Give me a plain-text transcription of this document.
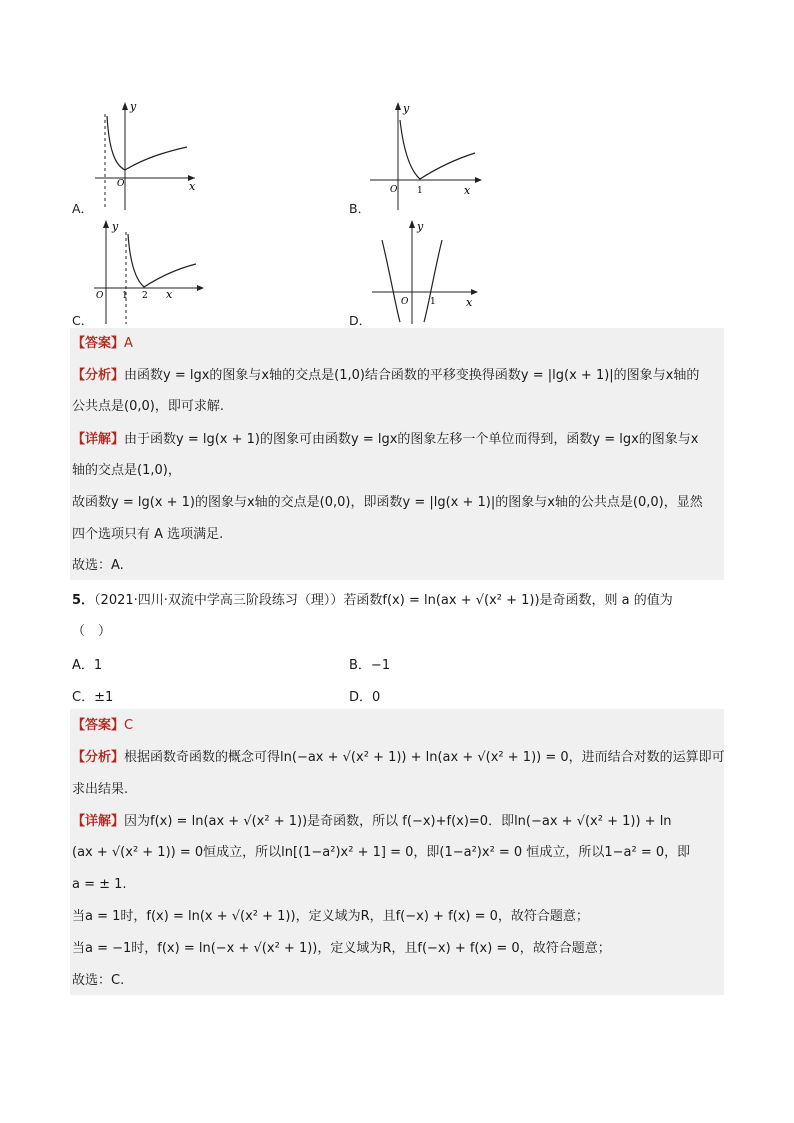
y
x
O
A．
y
x
O 1
B．
y
x
O 1 2
C．
y
x
O 1
D．
【答案】A
【分析】由函数y = lgx的图象与x轴的交点是(1,0)结合函数的平移变换得函数y = |lg(x + 1)|的图象与x轴的
公共点是(0,0)，即可求解.
【详解】由于函数y = lg(x + 1)的图象可由函数y = lgx的图象左移一个单位而得到，函数y = lgx的图象与x
轴的交点是(1,0)，
故函数y = lg(x + 1)的图象与x轴的交点是(0,0)，即函数y = |lg(x + 1)|的图象与x轴的公共点是(0,0)，显然
四个选项只有 A 选项满足.
故选：A.
5．（2021·四川·双流中学高三阶段练习（理））若函数f(x) = ln(ax + √(x² + 1))是奇函数，则 a 的值为
（　）
A．1	B．−1
C．±1	D．0
【答案】C
【分析】根据函数奇函数的概念可得ln(−ax + √(x² + 1)) + ln(ax + √(x² + 1)) = 0，进而结合对数的运算即可
求出结果.
【详解】因为f(x) = ln(ax + √(x² + 1))是奇函数，所以 f(−x)+f(x)=0．即ln(−ax + √(x² + 1)) + ln
(ax + √(x² + 1)) = 0恒成立，所以ln[(1−a²)x² + 1] = 0，即(1−a²)x² = 0 恒成立，所以1−a² = 0，即
a = ± 1.
当a = 1时，f(x) = ln(x + √(x² + 1))，定义域为R，且f(−x) + f(x) = 0，故符合题意；
当a = −1时，f(x) = ln(−x + √(x² + 1))，定义域为R，且f(−x) + f(x) = 0，故符合题意；
故选：C.
